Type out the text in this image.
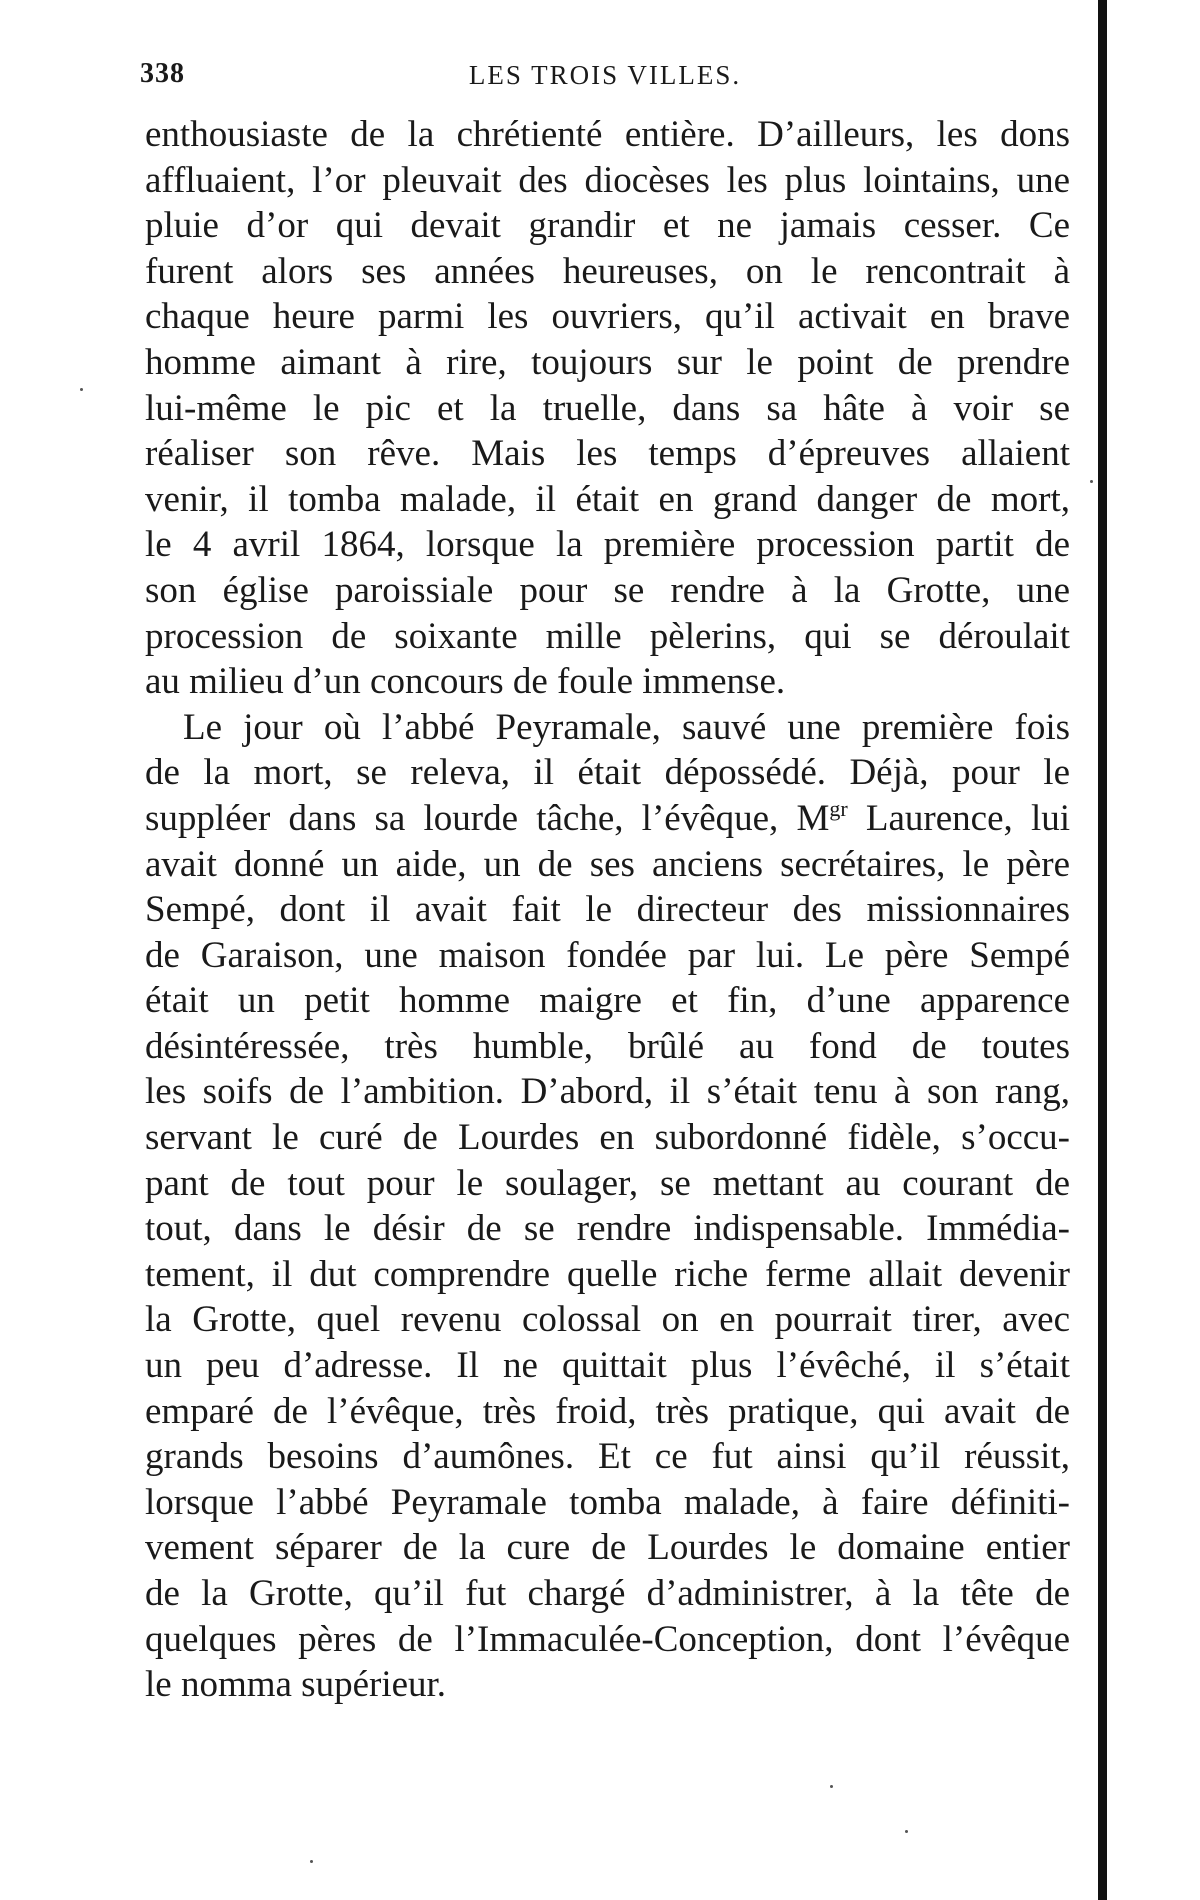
338	LES TROIS VILLES.
enthousiaste de la chrétienté entière. D’ailleurs, les dons
affluaient, l’or pleuvait des diocèses les plus lointains, une
pluie d’or qui devait grandir et ne jamais cesser. Ce
furent alors ses années heureuses, on le rencontrait à
chaque heure parmi les ouvriers, qu’il activait en brave
homme aimant à rire, toujours sur le point de prendre
lui-même le pic et la truelle, dans sa hâte à voir se
réaliser son rêve. Mais les temps d’épreuves allaient
venir, il tomba malade, il était en grand danger de mort,
le 4 avril 1864, lorsque la première procession partit de
son église paroissiale pour se rendre à la Grotte, une
procession de soixante mille pèlerins, qui se déroulait
au milieu d’un concours de foule immense.
Le jour où l’abbé Peyramale, sauvé une première fois
de la mort, se releva, il était dépossédé. Déjà, pour le
suppléer dans sa lourde tâche, l’évêque, $M^{gr}$ Laurence, lui
avait donné un aide, un de ses anciens secrétaires, le père
Sempé, dont il avait fait le directeur des missionnaires
de Garaison, une maison fondée par lui. Le père Sempé
était un petit homme maigre et fin, d’une apparence
désintéressée, très humble, brûlé au fond de toutes
les soifs de l’ambition. D’abord, il s’était tenu à son rang,
servant le curé de Lourdes en subordonné fidèle, s’occu-
pant de tout pour le soulager, se mettant au courant de
tout, dans le désir de se rendre indispensable. Immédia-
tement, il dut comprendre quelle riche ferme allait devenir
la Grotte, quel revenu colossal on en pourrait tirer, avec
un peu d’adresse. Il ne quittait plus l’évêché, il s’était
emparé de l’évêque, très froid, très pratique, qui avait de
grands besoins d’aumônes. Et ce fut ainsi qu’il réussit,
lorsque l’abbé Peyramale tomba malade, à faire définiti-
vement séparer de la cure de Lourdes le domaine entier
de la Grotte, qu’il fut chargé d’administrer, à la tête de
quelques pères de l’Immaculée-Conception, dont l’évêque
le nomma supérieur.
